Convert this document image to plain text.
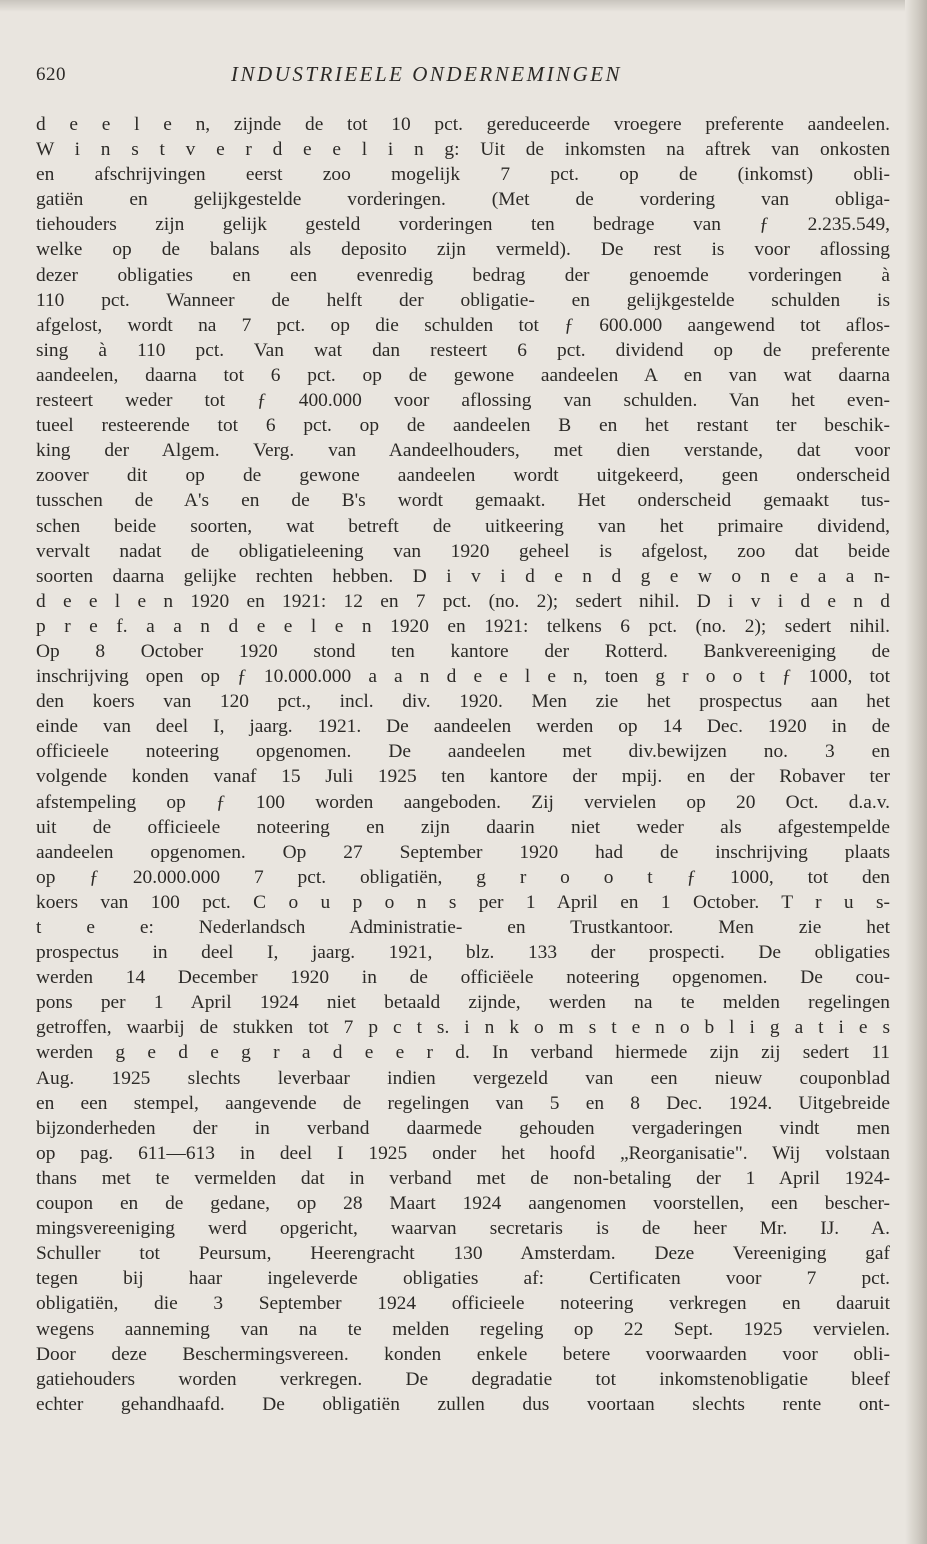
620	INDUSTRIEELE ONDERNEMINGEN
d e e l e n, zijnde de tot 10 pct. gereduceerde vroegere preferente aandeelen.
W i n s t v e r d e e l i n g: Uit de inkomsten na aftrek van onkosten
en afschrijvingen eerst zoo mogelijk 7 pct. op de (inkomst) obli-
gatiën en gelijkgestelde vorderingen. (Met de vordering van obliga-
tiehouders zijn gelijk gesteld vorderingen ten bedrage van ƒ 2.235.549,
welke op de balans als deposito zijn vermeld). De rest is voor aflossing
dezer obligaties en een evenredig bedrag der genoemde vorderingen à
110 pct. Wanneer de helft der obligatie- en gelijkgestelde schulden is
afgelost, wordt na 7 pct. op die schulden tot ƒ 600.000 aangewend tot aflos-
sing à 110 pct. Van wat dan resteert 6 pct. dividend op de preferente
aandeelen, daarna tot 6 pct. op de gewone aandeelen A en van wat daarna
resteert weder tot ƒ 400.000 voor aflossing van schulden. Van het even-
tueel resteerende tot 6 pct. op de aandeelen B en het restant ter beschik-
king der Algem. Verg. van Aandeelhouders, met dien verstande, dat voor
zoover dit op de gewone aandeelen wordt uitgekeerd, geen onderscheid
tusschen de A's en de B's wordt gemaakt. Het onderscheid gemaakt tus-
schen beide soorten, wat betreft de uitkeering van het primaire dividend,
vervalt nadat de obligatieleening van 1920 geheel is afgelost, zoo dat beide
soorten daarna gelijke rechten hebben. D i v i d e n d g e w o n e a a n-
d e e l e n 1920 en 1921: 12 en 7 pct. (no. 2); sedert nihil. D i v i d e n d
p r e f. a a n d e e l e n 1920 en 1921: telkens 6 pct. (no. 2); sedert nihil.
Op 8 October 1920 stond ten kantore der Rotterd. Bankvereeniging de
inschrijving open op ƒ 10.000.000 a a n d e e l e n, toen g r o o t ƒ 1000, tot
den koers van 120 pct., incl. div. 1920. Men zie het prospectus aan het
einde van deel I, jaarg. 1921. De aandeelen werden op 14 Dec. 1920 in de
officieele noteering opgenomen. De aandeelen met div.bewijzen no. 3 en
volgende konden vanaf 15 Juli 1925 ten kantore der mpij. en der Robaver ter
afstempeling op ƒ 100 worden aangeboden. Zij vervielen op 20 Oct. d.a.v.
uit de officieele noteering en zijn daarin niet weder als afgestempelde
aandeelen opgenomen. Op 27 September 1920 had de inschrijving plaats
op ƒ 20.000.000 7 pct. obligatiën, g r o o t ƒ 1000, tot den
koers van 100 pct. C o u p o n s per 1 April en 1 October. T r u s-
t e e: Nederlandsch Administratie- en Trustkantoor. Men zie het
prospectus in deel I, jaarg. 1921, blz. 133 der prospecti. De obligaties
werden 14 December 1920 in de officiëele noteering opgenomen. De cou-
pons per 1 April 1924 niet betaald zijnde, werden na te melden regelingen
getroffen, waarbij de stukken tot 7 p c t s. i n k o m s t e n o b l i g a t i e s
werden g e d e g r a d e e r d. In verband hiermede zijn zij sedert 11
Aug. 1925 slechts leverbaar indien vergezeld van een nieuw couponblad
en een stempel, aangevende de regelingen van 5 en 8 Dec. 1924. Uitgebreide
bijzonderheden der in verband daarmede gehouden vergaderingen vindt men
op pag. 611—613 in deel I 1925 onder het hoofd „Reorganisatie". Wij volstaan
thans met te vermelden dat in verband met de non-betaling der 1 April 1924-
coupon en de gedane, op 28 Maart 1924 aangenomen voorstellen, een bescher-
mingsvereeniging werd opgericht, waarvan secretaris is de heer Mr. IJ. A.
Schuller tot Peursum, Heerengracht 130 Amsterdam. Deze Vereeniging gaf
tegen bij haar ingeleverde obligaties af: Certificaten voor 7 pct.
obligatiën, die 3 September 1924 officieele noteering verkregen en daaruit
wegens aanneming van na te melden regeling op 22 Sept. 1925 vervielen.
Door deze Beschermingsvereen. konden enkele betere voorwaarden voor obli-
gatiehouders worden verkregen. De degradatie tot inkomstenobligatie bleef
echter gehandhaafd. De obligatiën zullen dus voortaan slechts rente ont-
